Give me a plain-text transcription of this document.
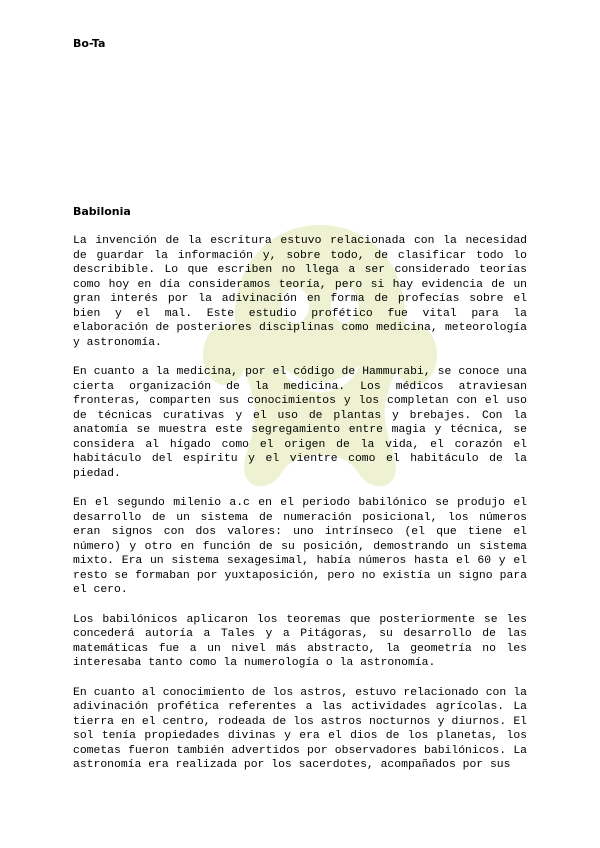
Bo-Ta
Babilonia

La invención de la escritura estuvo relacionada con la necesidad de guardar la información y, sobre todo, de clasificar todo lo describible. Lo que escriben no llega a ser considerado teorías como hoy en día consideramos teoría, pero si hay evidencia de un gran interés por la adivinación en forma de profecías sobre el bien y el mal. Este estudio profético fue vital para la elaboración de posteriores disciplinas como medicina, meteorología y astronomía.

En cuanto a la medicina, por el código de Hammurabi, se conoce una cierta organización de la medicina. Los médicos atraviesan fronteras, comparten sus conocimientos y los completan con el uso de técnicas curativas y el uso de plantas y brebajes. Con la anatomía se muestra este segregamiento entre magia y técnica, se considera al hígado como el origen de la vida, el corazón el habitáculo del espíritu y el vientre como el habitáculo de la piedad.

En el segundo milenio a.c en el periodo babilónico se produjo el desarrollo de un sistema de numeración posicional, los números eran signos con dos valores: uno intrínseco (el que tiene el número) y otro en función de su posición, demostrando un sistema mixto. Era un sistema sexagesimal, había números hasta el 60 y el resto se formaban por yuxtaposición, pero no existía un signo para el cero.

Los babilónicos aplicaron los teoremas que posteriormente se les concederá autoría a Tales y a Pitágoras, su desarrollo de las matemáticas fue a un nivel más abstracto, la geometría no les interesaba tanto como la numerología o la astronomía.

En cuanto al conocimiento de los astros, estuvo relacionado con la adivinación profética referentes a las actividades agrícolas. La tierra en el centro, rodeada de los astros nocturnos y diurnos. El sol tenía propiedades divinas y era el dios de los planetas, los cometas fueron también advertidos por observadores babilónicos. La astronomía era realizada por los sacerdotes, acompañados por sus
